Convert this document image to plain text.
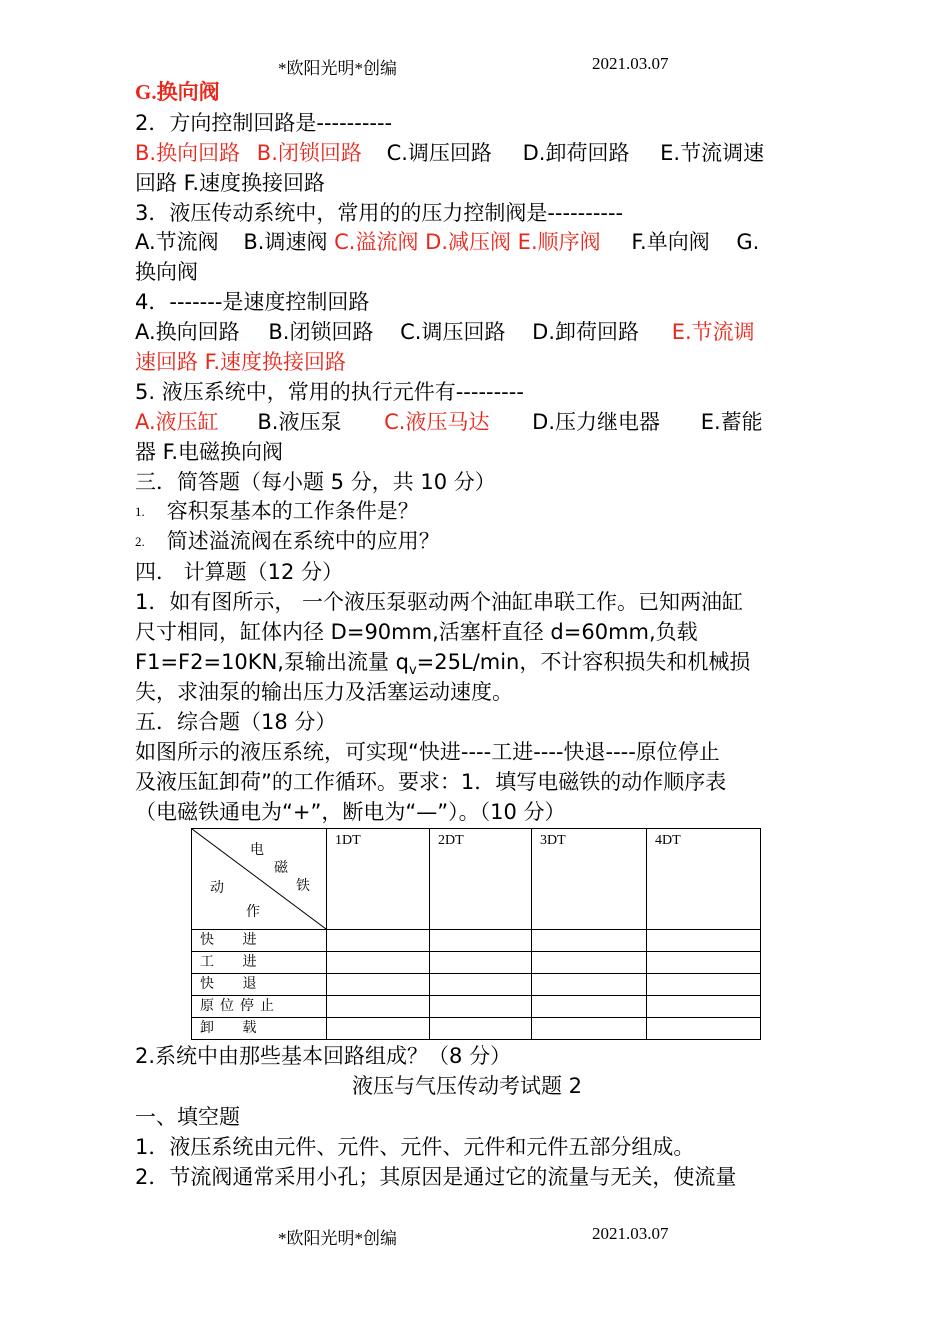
*欧阳光明*创编	2021.03.07
G.换向阀
2．方向控制回路是----------
B.换向回路 B.闭锁回路 C.调压回路 D.卸荷回路 E.节流调速
回路 F.速度换接回路
3．液压传动系统中，常用的的压力控制阀是----------
A.节流阀 B.调速阀 C.溢流阀 D.减压阀 E.顺序阀 F.单向阀 G.
换向阀
4．-------是速度控制回路
A.换向回路 B.闭锁回路 C.调压回路 D.卸荷回路 E.节流调
速回路 F.速度换接回路
5. 液压系统中，常用的执行元件有---------
A.液压缸 B.液压泵 C.液压马达 D.压力继电器 E.蓄能
器 F.电磁换向阀
三．简答题（每小题 5 分，共 10 分）
1. 容积泵基本的工作条件是？
2. 简述溢流阀在系统中的应用？
四． 计算题（12 分）
1．如有图所示， 一个液压泵驱动两个油缸串联工作。已知两油缸
尺寸相同，缸体内径 D=90mm,活塞杆直径 d=60mm,负载
F1=F2=10KN,泵输出流量 $q_v=25L/\min$，不计容积损失和机械损
失，求油泵的输出压力及活塞运动速度。
五．综合题（18 分）
如图所示的液压系统，可实现“快进----工进----快退----原位停止
及液压缸卸荷”的工作循环。要求：1．填写电磁铁的动作顺序表
（电磁铁通电为“+”，断电为“—”）。（10 分）
电
磁
铁
动
作	1DT	2DT	3DT	4DT
快 进				
工 进				
快 退				
原位停止				
卸 载				
2.系统中由那些基本回路组成？（8 分）
液压与气压传动考试题 2
一、填空题
1．液压系统由元件、元件、元件、元件和元件五部分组成。
2．节流阀通常采用小孔；其原因是通过它的流量与无关，使流量
*欧阳光明*创编	2021.03.07
